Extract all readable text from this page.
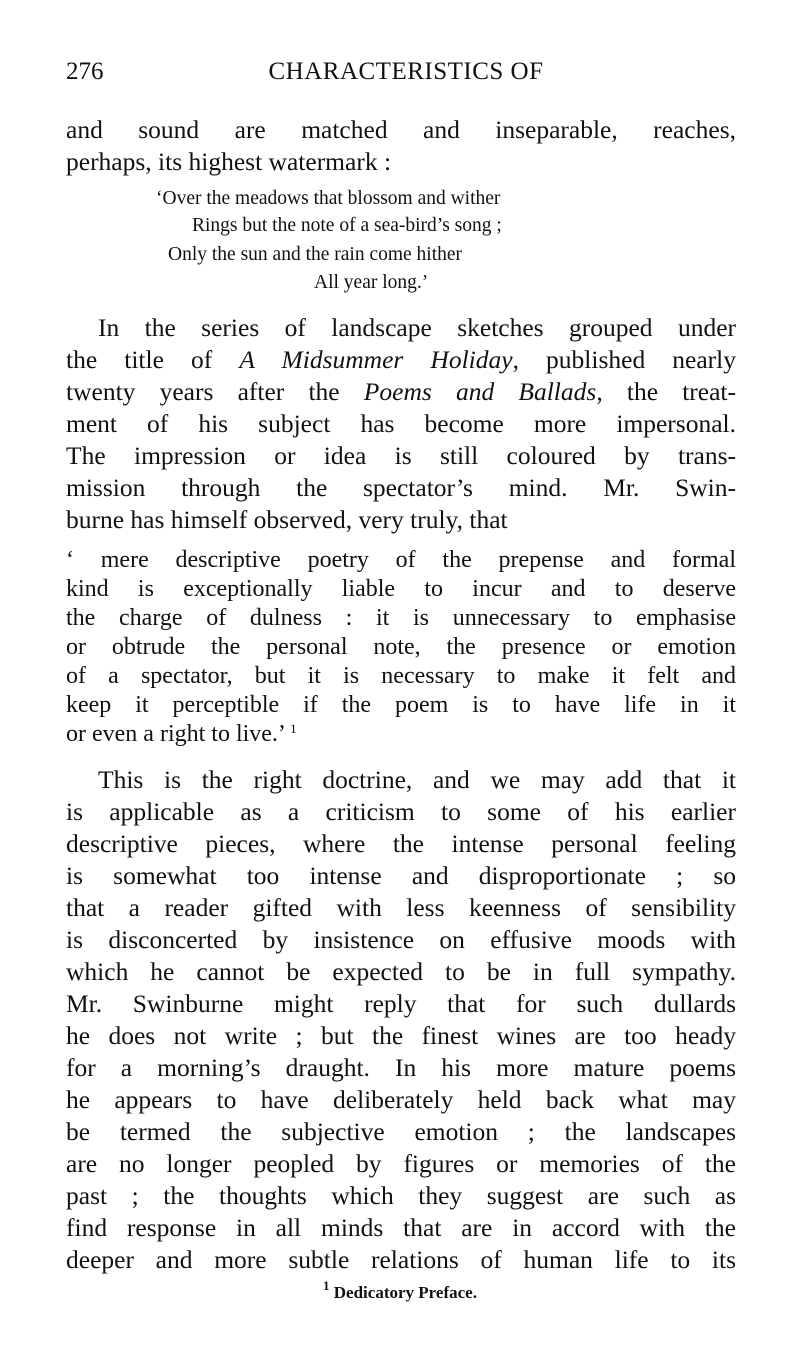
276	CHARACTERISTICS OF
and sound are matched and inseparable, reaches,
perhaps, its highest watermark :
‘Over the meadows that blossom and wither
Rings but the note of a sea-bird’s song ;
Only the sun and the rain come hither
All year long.’
In the series of landscape sketches grouped under
the title of A Midsummer Holiday, published nearly
twenty years after the Poems and Ballads, the treat-
ment of his subject has become more impersonal.
The impression or idea is still coloured by trans-
mission through the spectator’s mind. Mr. Swin-
burne has himself observed, very truly, that
‘ mere descriptive poetry of the prepense and formal
kind is exceptionally liable to incur and to deserve
the charge of dulness : it is unnecessary to emphasise
or obtrude the personal note, the presence or emotion
of a spectator, but it is necessary to make it felt and
keep it perceptible if the poem is to have life in it
or even a right to live.’ $^1$
This is the right doctrine, and we may add that it
is applicable as a criticism to some of his earlier
descriptive pieces, where the intense personal feeling
is somewhat too intense and disproportionate ; so
that a reader gifted with less keenness of sensibility
is disconcerted by insistence on effusive moods with
which he cannot be expected to be in full sympathy.
Mr. Swinburne might reply that for such dullards
he does not write ; but the finest wines are too heady
for a morning’s draught. In his more mature poems
he appears to have deliberately held back what may
be termed the subjective emotion ; the landscapes
are no longer peopled by figures or memories of the
past ; the thoughts which they suggest are such as
find response in all minds that are in accord with the
deeper and more subtle relations of human life to its
$^1$ Dedicatory Preface.
